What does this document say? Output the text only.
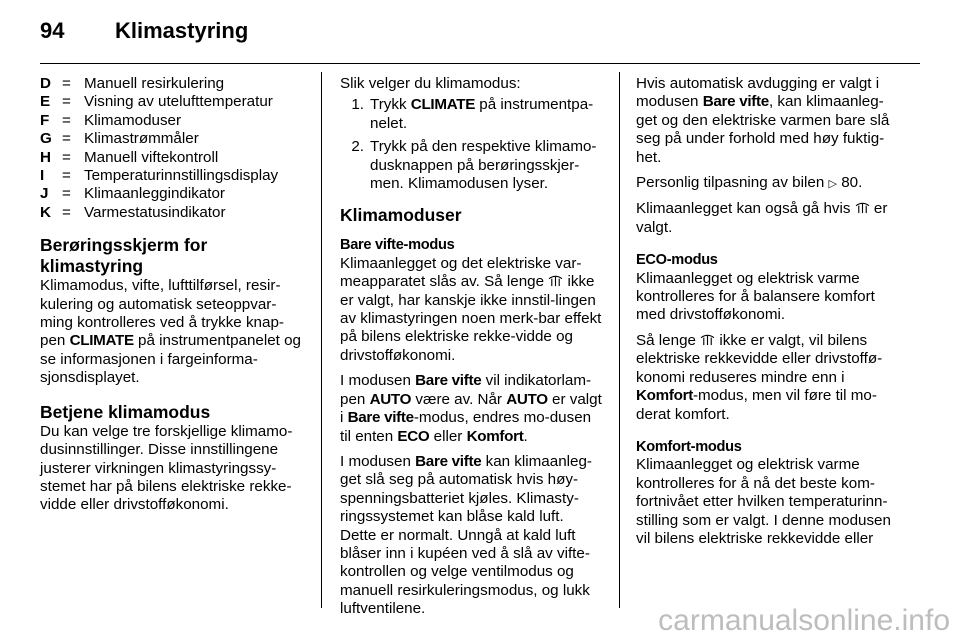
94 Klimastyring
D = Manuell resirkulering
E = Visning av utelufttemperatur
F = Klimamoduser
G = Klimastrømmåler
H = Manuell viftekontroll
I	= Temperaturinnstillingsdisplay
J = Klimaanleggindikator
K = Varmestatusindikator
Berøringsskjerm for klimastyring

Klimamodus, vifte, lufttilførsel, resir-kulering og automatisk seteoppvar-ming kontrolleres ved å trykke knap-pen CLIMATE på instrumentpanelet og se informasjonen i fargeinforma-sjonsdisplayet.

Betjene klimamodus

Du kan velge tre forskjellige klimamo-dusinnstillinger. Disse innstillingene justerer virkningen klimastyringssy-stemet har på bilens elektriske rekke-vidde eller drivstofføkonomi.

Slik velger du klimamodus:

1. Trykk CLIMATE på instrumentpa-nelet.
2. Trykk på den respektive klimamo-dusknappen på berøringsskjer-men. Klimamodusen lyser.
Klimamoduser
Bare vifte-modus

Klimaanlegget og det elektriske var-meapparatet slås av. Så lenge  ikke er valgt, har kanskje ikke innstil-lingen av klimastyringen noen merk-bar effekt på bilens elektriske rekke-vidde og drivstofføkonomi.

I modusen Bare vifte vil indikatorlam-pen AUTO være av. Når AUTO er valgt i Bare vifte-modus, endres mo-dusen til enten ECO eller Komfort.

I modusen Bare vifte kan klimaanleg-get slå seg på automatisk hvis høy-spenningsbatteriet kjøles. Klimasty-ringssystemet kan blåse kald luft. Dette er normalt. Unngå at kald luft blåser inn i kupéen ved å slå av vifte-kontrollen og velge ventilmodus og manuell resirkuleringsmodus, og lukk luftventilene.

Hvis automatisk avdugging er valgt i modusen Bare vifte, kan klimaanleg-get og den elektriske varmen bare slå seg på under forhold med høy fuktig-het.

Personlig tilpasning av bilen ▷ 80.

Klimaanlegget kan også gå hvis  er valgt.

ECO-modus

Klimaanlegget og elektrisk varme kontrolleres for å balansere komfort med drivstofføkonomi.

Så lenge  ikke er valgt, vil bilens elektriske rekkevidde eller drivstoffø-konomi reduseres mindre enn i Komfort-modus, men vil føre til mo-derat komfort.

Komfort-modus

Klimaanlegget og elektrisk varme kontrolleres for å nå det beste kom-fortnivået etter hvilken temperaturinn-stilling som er valgt. I denne modusen vil bilens elektriske rekkevidde eller

carmanualsonline.info
